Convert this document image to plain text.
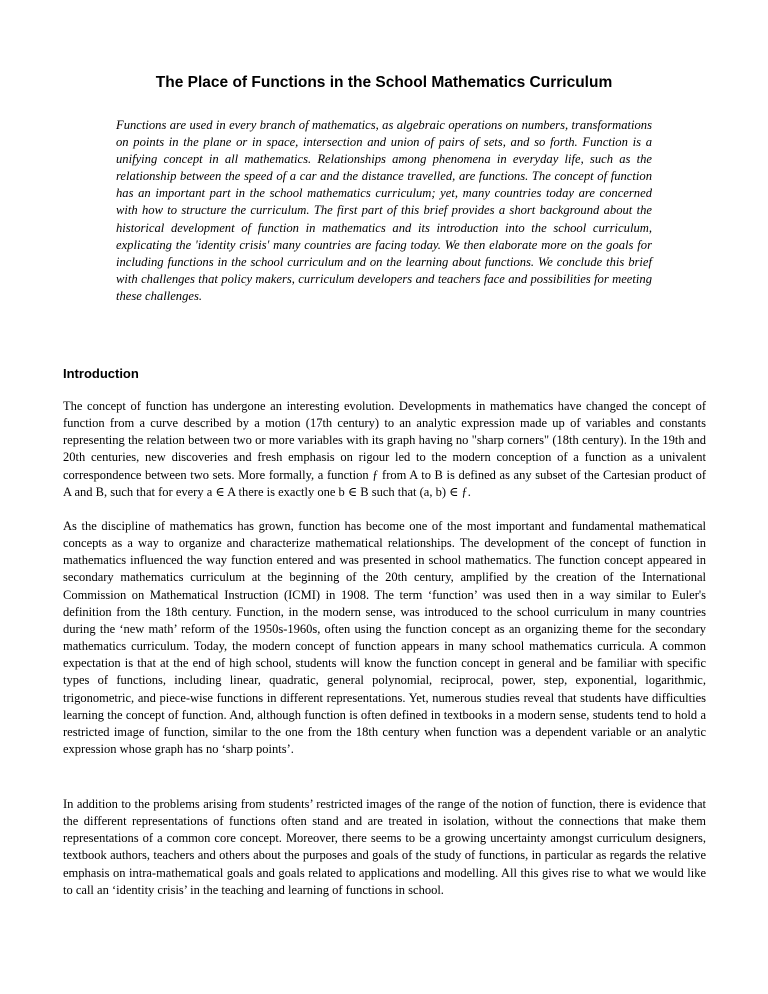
The Place of Functions in the School Mathematics Curriculum

Functions are used in every branch of mathematics, as algebraic operations on numbers, transformations on points in the plane or in space, intersection and union of pairs of sets, and so forth. Function is a unifying concept in all mathematics. Relationships among phenomena in everyday life, such as the relationship between the speed of a car and the distance travelled, are functions. The concept of function has an important part in the school mathematics curriculum; yet, many countries today are concerned with how to structure the curriculum. The first part of this brief provides a short background about the historical development of function in mathematics and its introduction into the school curriculum, explicating the 'identity crisis' many countries are facing today. We then elaborate more on the goals for including functions in the school curriculum and on the learning about functions. We conclude this brief with challenges that policy makers, curriculum developers and teachers face and possibilities for meeting these challenges.

Introduction

The concept of function has undergone an interesting evolution. Developments in mathematics have changed the concept of function from a curve described by a motion (17th century) to an analytic expression made up of variables and constants representing the relation between two or more variables with its graph having no "sharp corners" (18th century). In the 19th and 20th centuries, new discoveries and fresh emphasis on rigour led to the modern conception of a function as a univalent correspondence between two sets. More formally, a function ƒ from A to B is defined as any subset of the Cartesian product of A and B, such that for every a ∈ A there is exactly one b ∈ B such that (a, b) ∈ ƒ.

As the discipline of mathematics has grown, function has become one of the most important and fundamental mathematical concepts as a way to organize and characterize mathematical relationships. The development of the concept of function in mathematics influenced the way function entered and was presented in school mathematics. The function concept appeared in secondary mathematics curriculum at the beginning of the 20th century, amplified by the creation of the International Commission on Mathematical Instruction (ICMI) in 1908. The term ‘function’ was used then in a way similar to Euler's definition from the 18th century. Function, in the modern sense, was introduced to the school curriculum in many countries during the ‘new math’ reform of the 1950s-1960s, often using the function concept as an organizing theme for the secondary mathematics curriculum. Today, the modern concept of function appears in many school mathematics curricula. A common expectation is that at the end of high school, students will know the function concept in general and be familiar with specific types of functions, including linear, quadratic, general polynomial, reciprocal, power, step, exponential, logarithmic, trigonometric, and piece-wise functions in different representations. Yet, numerous studies reveal that students have difficulties learning the concept of function. And, although function is often defined in textbooks in a modern sense, students tend to hold a restricted image of function, similar to the one from the 18th century when function was a dependent variable or an analytic expression whose graph has no ‘sharp points’.

In addition to the problems arising from students’ restricted images of the range of the notion of function, there is evidence that the different representations of functions often stand and are treated in isolation, without the connections that make them representations of a common core concept. Moreover, there seems to be a growing uncertainty amongst curriculum designers, textbook authors, teachers and others about the purposes and goals of the study of functions, in particular as regards the relative emphasis on intra-mathematical goals and goals related to applications and modelling. All this gives rise to what we would like to call an ‘identity crisis’ in the teaching and learning of functions in school.
